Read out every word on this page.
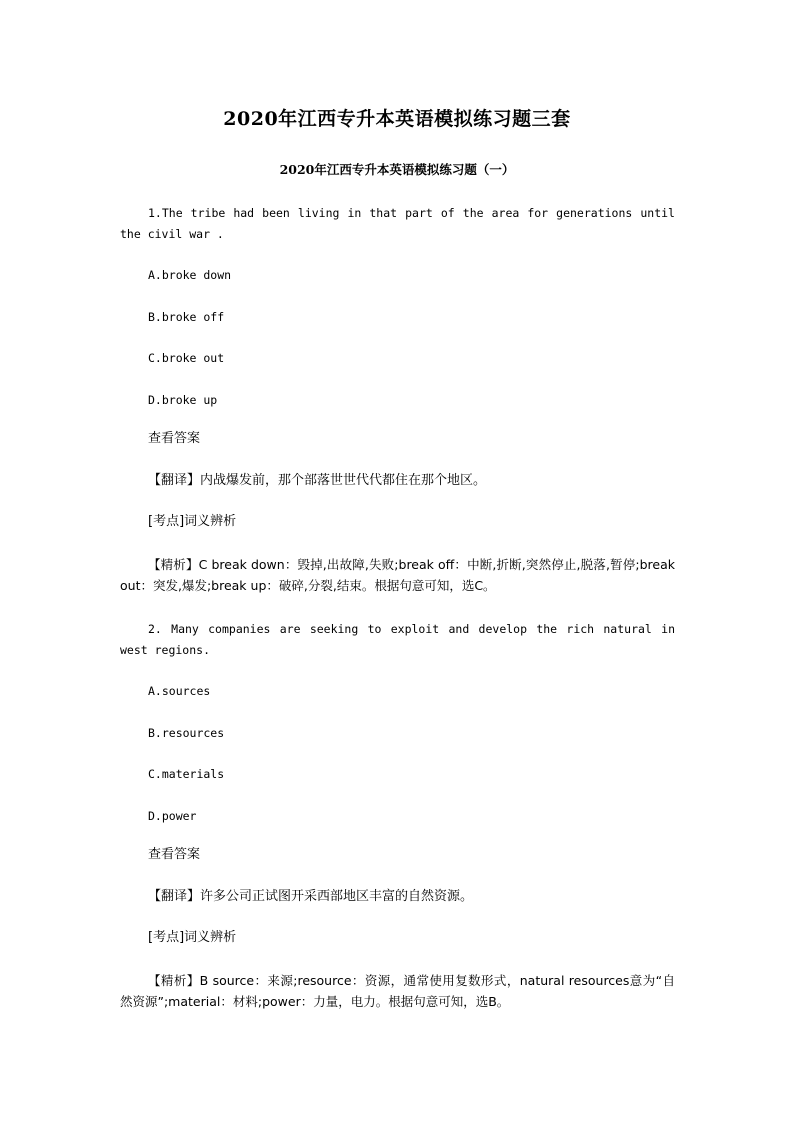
2020年江西专升本英语模拟练习题三套
2020年江西专升本英语模拟练习题（一）
1.The tribe had been living in that part of the area for generations until the civil war .
A.broke down
B.broke off
C.broke out
D.broke up
查看答案
【翻译】内战爆发前，那个部落世世代代都住在那个地区。
[考点]词义辨析
【精析】C break down：毁掉,出故障,失败;break off：中断,折断,突然停止,脱落,暂停;break out：突发,爆发;break up：破碎,分裂,结束。根据句意可知，选C。
2. Many companies are seeking to exploit and develop the rich natural in west regions.
A.sources
B.resources
C.materials
D.power
查看答案
【翻译】许多公司正试图开采西部地区丰富的自然资源。
[考点]词义辨析
【精析】B source：来源;resource：资源，通常使用复数形式，natural resources意为“自然资源”;material：材料;power：力量，电力。根据句意可知，选B。
